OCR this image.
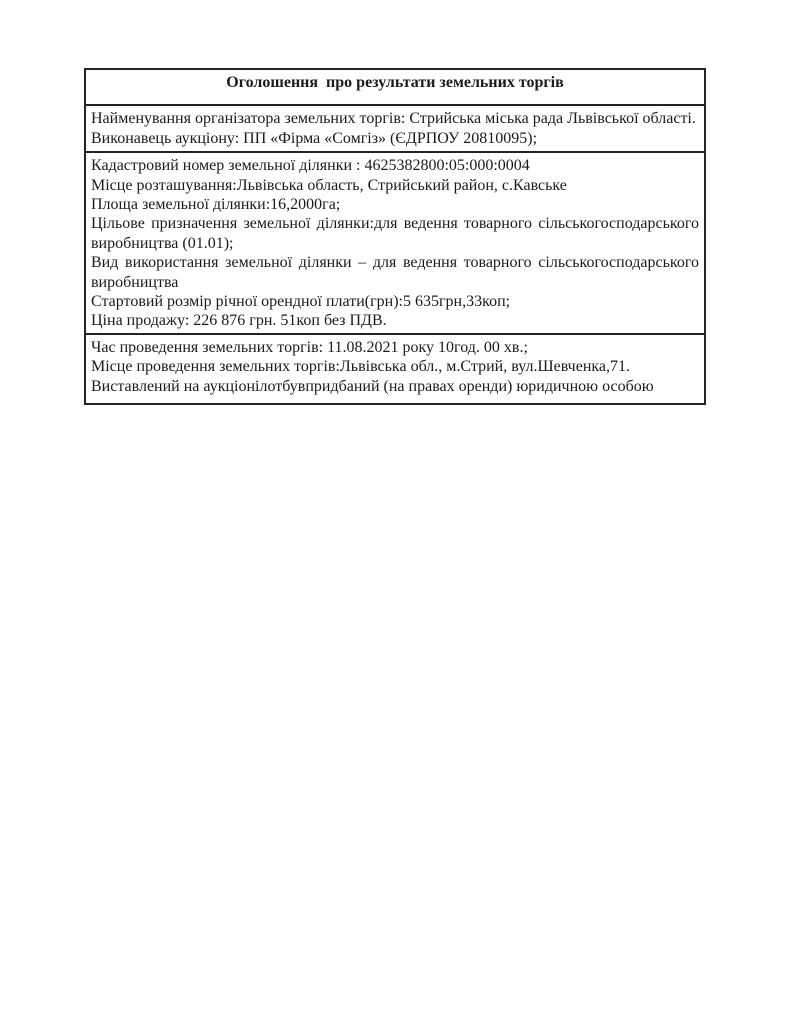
Оголошення  про результати земельних торгів

Найменування організатора земельних торгів: Стрийська міська рада Львівської області.

Виконавець аукціону: ПП «Фірма «Сомгіз» (ЄДРПОУ 20810095);

Кадастровий номер земельної ділянки : 4625382800:05:000:0004

Місце розташування:Львівська область, Стрийський район, с.Кавське

Площа земельної ділянки:16,2000га;

Цільове призначення земельної ділянки:для ведення товарного сільськогосподарського виробництва (01.01);

Вид використання земельної ділянки – для ведення товарного сільськогосподарського виробництва

Стартовий розмір річної орендної плати(грн):5 635грн,33коп;

Ціна продажу: 226 876 грн. 51коп без ПДВ.

Час проведення земельних торгів: 11.08.2021 року 10год. 00 хв.;

Місце проведення земельних торгів:Львівська обл., м.Стрий, вул.Шевченка,71.

Виставлений на аукціонілотбувпридбаний (на правах оренди) юридичною особою
